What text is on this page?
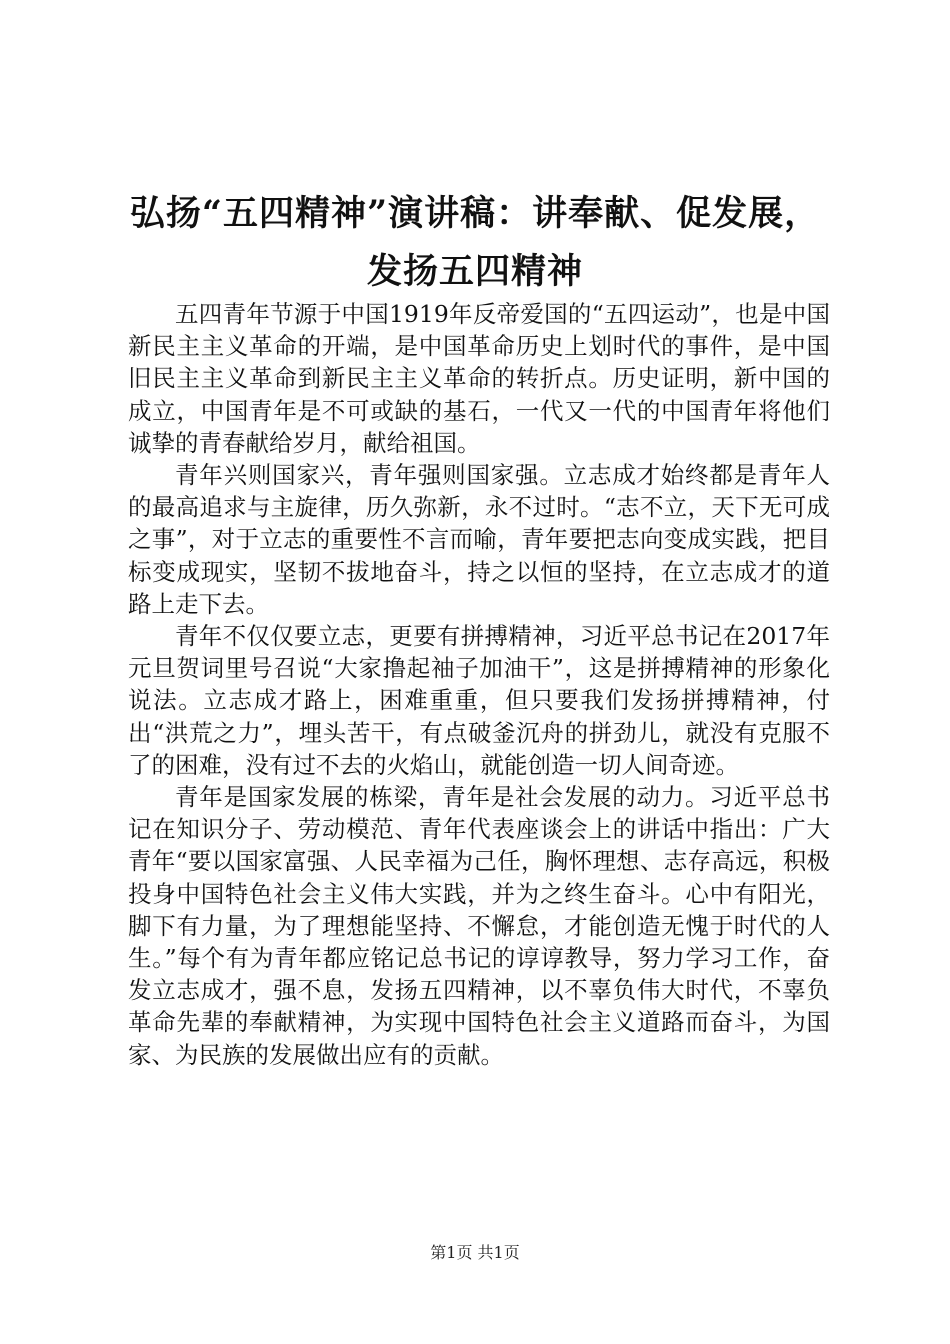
弘扬“五四精神”演讲稿：讲奉献、促发展，
发扬五四精神

五四青年节源于中国1919年反帝爱国的“五四运动”，也是中国新民主主义革命的开端，是中国革命历史上划时代的事件，是中国旧民主主义革命到新民主主义革命的转折点。历史证明，新中国的成立，中国青年是不可或缺的基石，一代又一代的中国青年将他们诚挚的青春献给岁月，献给祖国。

青年兴则国家兴，青年强则国家强。立志成才始终都是青年人的最高追求与主旋律，历久弥新，永不过时。“志不立，天下无可成之事”，对于立志的重要性不言而喻，青年要把志向变成实践，把目标变成现实，坚韧不拔地奋斗，持之以恒的坚持，在立志成才的道路上走下去。

青年不仅仅要立志，更要有拼搏精神，习近平总书记在2017年元旦贺词里号召说“大家撸起袖子加油干”，这是拼搏精神的形象化说法。立志成才路上，困难重重，但只要我们发扬拼搏精神，付出“洪荒之力”，埋头苦干，有点破釜沉舟的拼劲儿，就没有克服不了的困难，没有过不去的火焰山，就能创造一切人间奇迹。

青年是国家发展的栋梁，青年是社会发展的动力。习近平总书记在知识分子、劳动模范、青年代表座谈会上的讲话中指出：广大青年“要以国家富强、人民幸福为己任，胸怀理想、志存高远，积极投身中国特色社会主义伟大实践，并为之终生奋斗。心中有阳光，脚下有力量，为了理想能坚持、不懈怠，才能创造无愧于时代的人生。”每个有为青年都应铭记总书记的谆谆教导，努力学习工作，奋发立志成才，强不息，发扬五四精神，以不辜负伟大时代，不辜负革命先辈的奉献精神，为实现中国特色社会主义道路而奋斗，为国家、为民族的发展做出应有的贡献。

第1页 共1页
